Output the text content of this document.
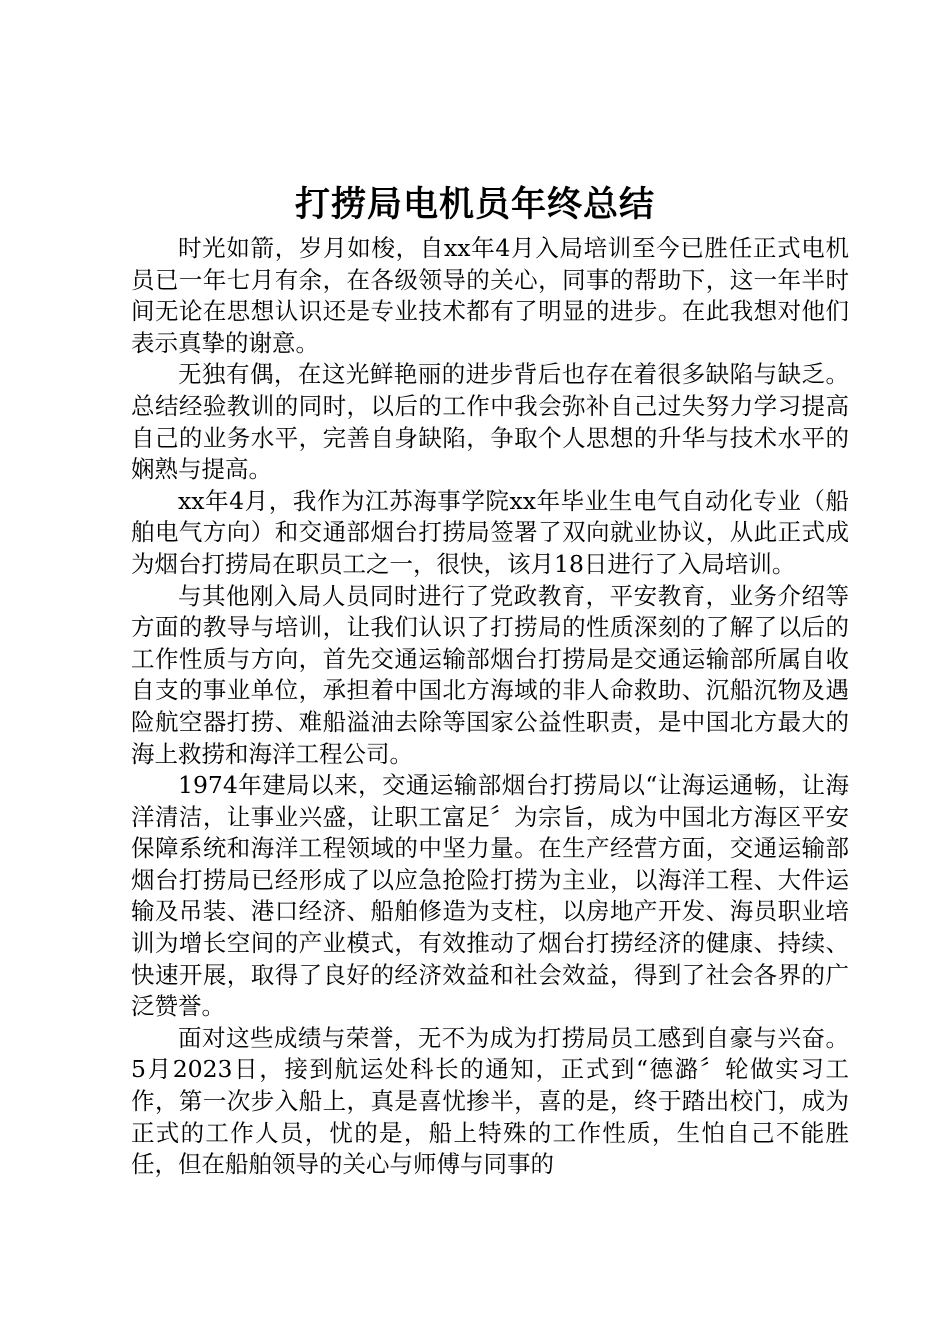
打捞局电机员年终总结

时光如箭，岁月如梭，自xx年4月入局培训至今已胜任正式电机员已一年七月有余，在各级领导的关心，同事的帮助下，这一年半时间无论在思想认识还是专业技术都有了明显的进步。在此我想对他们表示真挚的谢意。

无独有偶，在这光鲜艳丽的进步背后也存在着很多缺陷与缺乏。总结经验教训的同时，以后的工作中我会弥补自己过失努力学习提高自己的业务水平，完善自身缺陷，争取个人思想的升华与技术水平的娴熟与提高。

xx年4月，我作为江苏海事学院xx年毕业生电气自动化专业（船舶电气方向）和交通部烟台打捞局签署了双向就业协议，从此正式成为烟台打捞局在职员工之一，很快，该月18日进行了入局培训。

与其他刚入局人员同时进行了党政教育，平安教育，业务介绍等方面的教导与培训，让我们认识了打捞局的性质深刻的了解了以后的工作性质与方向，首先交通运输部烟台打捞局是交通运输部所属自收自支的事业单位，承担着中国北方海域的非人命救助、沉船沉物及遇险航空器打捞、难船溢油去除等国家公益性职责，是中国北方最大的海上救捞和海洋工程公司。

1974年建局以来，交通运输部烟台打捞局以“让海运通畅，让海洋清洁，让事业兴盛，让职工富足〞为宗旨，成为中国北方海区平安保障系统和海洋工程领域的中坚力量。在生产经营方面，交通运输部烟台打捞局已经形成了以应急抢险打捞为主业，以海洋工程、大件运输及吊装、港口经济、船舶修造为支柱，以房地产开发、海员职业培训为增长空间的产业模式，有效推动了烟台打捞经济的健康、持续、快速开展，取得了良好的经济效益和社会效益，得到了社会各界的广泛赞誉。

面对这些成绩与荣誉，无不为成为打捞局员工感到自豪与兴奋。5月2023日，接到航运处科长的通知，正式到“德潞〞轮做实习工作，第一次步入船上，真是喜忧掺半，喜的是，终于踏出校门，成为正式的工作人员，忧的是，船上特殊的工作性质，生怕自己不能胜任，但在船舶领导的关心与师傅与同事的
